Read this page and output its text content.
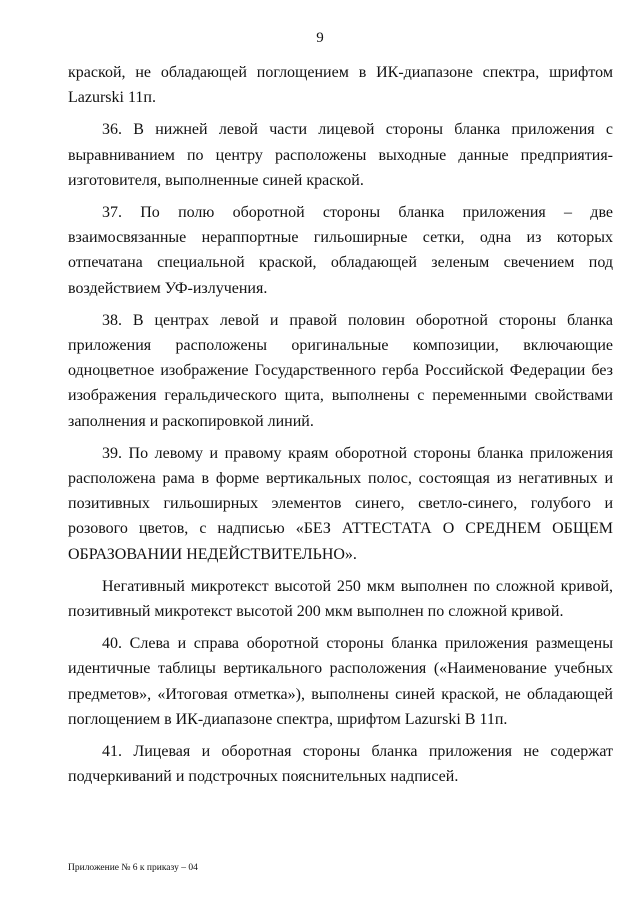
9

краской, не обладающей поглощением в ИК-диапазоне спектра, шрифтом Lazurski 11п.

36. В нижней левой части лицевой стороны бланка приложения с выравниванием по центру расположены выходные данные предприятия-изготовителя, выполненные синей краской.

37. По полю оборотной стороны бланка приложения – две взаимосвязанные нераппортные гильоширные сетки, одна из которых отпечатана специальной краской, обладающей зеленым свечением под воздействием УФ-излучения.

38. В центрах левой и правой половин оборотной стороны бланка приложения расположены оригинальные композиции, включающие одноцветное изображение Государственного герба Российской Федерации без изображения геральдического щита, выполнены с переменными свойствами заполнения и раскопировкой линий.

39. По левому и правому краям оборотной стороны бланка приложения расположена рама в форме вертикальных полос, состоящая из негативных и позитивных гильоширных элементов синего, светло-синего, голубого и розового цветов, с надписью «БЕЗ АТТЕСТАТА О СРЕДНЕМ ОБЩЕМ ОБРАЗОВАНИИ НЕДЕЙСТВИТЕЛЬНО».

Негативный микротекст высотой 250 мкм выполнен по сложной кривой, позитивный микротекст высотой 200 мкм выполнен по сложной кривой.

40. Слева и справа оборотной стороны бланка приложения размещены идентичные таблицы вертикального расположения («Наименование учебных предметов», «Итоговая отметка»), выполнены синей краской, не обладающей поглощением в ИК-диапазоне спектра, шрифтом Lazurski B 11п.

41. Лицевая и оборотная стороны бланка приложения не содержат подчеркиваний и подстрочных пояснительных надписей.

Приложение № 6 к приказу – 04
